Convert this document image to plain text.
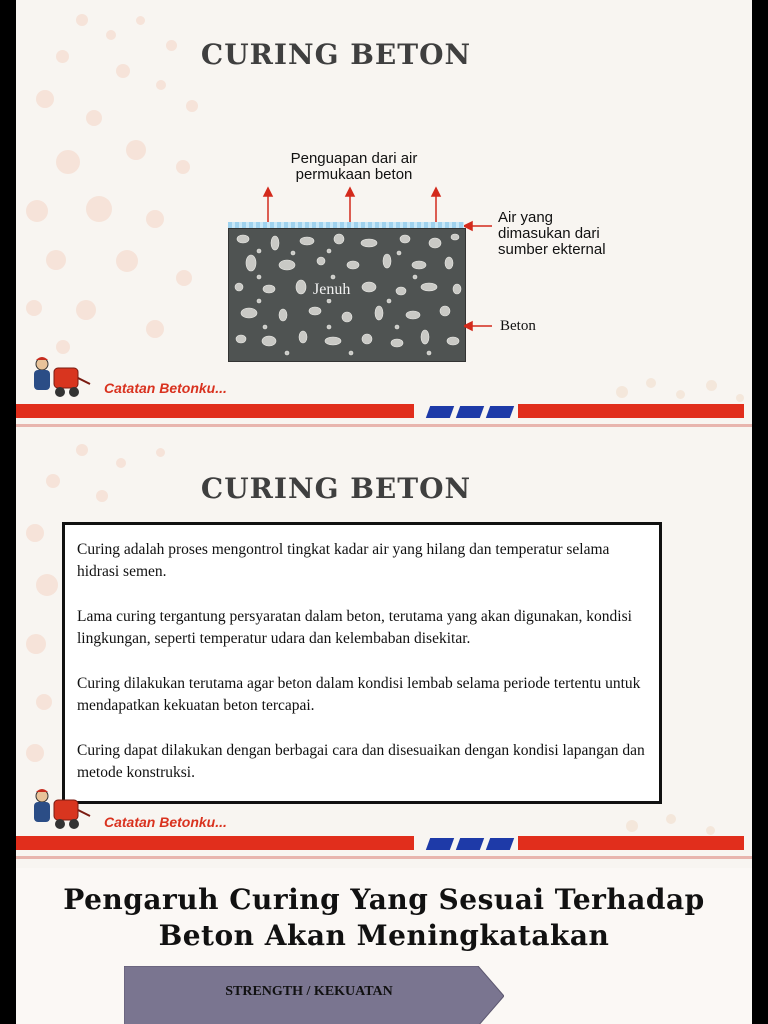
CURING BETON
Penguapan dari air
permukaan beton
Jenuh
Air yang
dimasukan dari
sumber ekternal
Beton
Catatan Betonku...
CURING BETON

Curing adalah proses mengontrol tingkat kadar air yang hilang dan temperatur selama hidrasi semen.

Lama curing tergantung persyaratan dalam beton, terutama yang akan digunakan, kondisi lingkungan, seperti temperatur udara dan kelembaban disekitar.

Curing dilakukan terutama agar beton dalam kondisi lembab selama periode tertentu untuk mendapatkan kekuatan beton tercapai.

Curing dapat dilakukan dengan berbagai cara dan disesuaikan dengan kondisi lapangan dan metode konstruksi.

Catatan Betonku...
Pengaruh Curing Yang Sesuai Terhadap
Beton Akan Meningkatakan
STRENGTH / KEKUATAN
